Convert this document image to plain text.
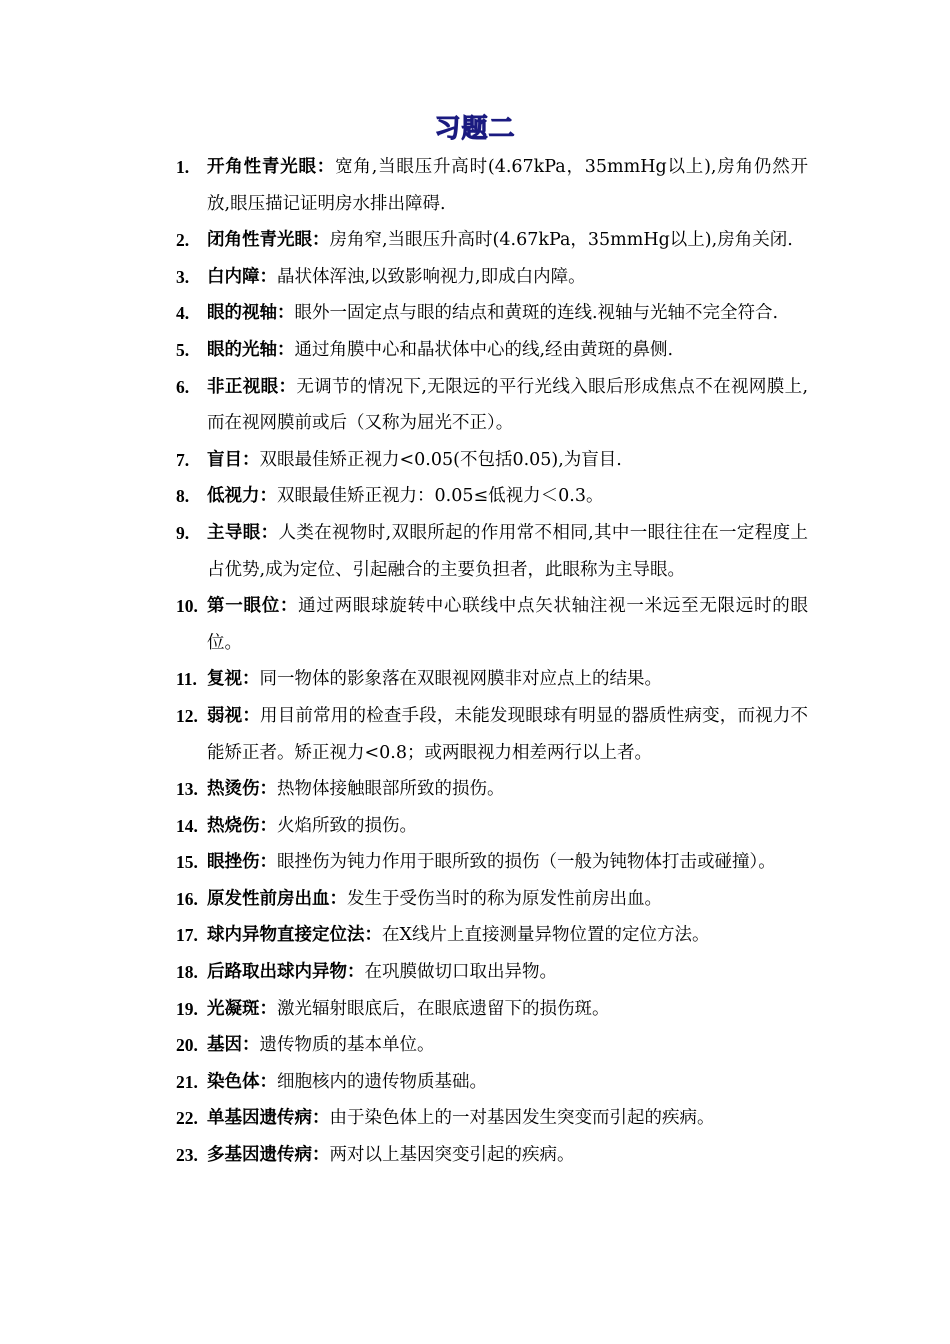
习题二
1. 开角性青光眼：宽角,当眼压升高时(4.67kPa，35mmHg以上),房角仍然开放,眼压描记证明房水排出障碍.
2. 闭角性青光眼：房角窄,当眼压升高时(4.67kPa，35mmHg以上),房角关闭.
3. 白内障：晶状体浑浊,以致影响视力,即成白内障。
4. 眼的视轴：眼外一固定点与眼的结点和黄斑的连线.视轴与光轴不完全符合.
5. 眼的光轴：通过角膜中心和晶状体中心的线,经由黄斑的鼻侧.
6. 非正视眼：无调节的情况下,无限远的平行光线入眼后形成焦点不在视网膜上,而在视网膜前或后（又称为屈光不正）。
7. 盲目：双眼最佳矫正视力<0.05(不包括0.05),为盲目.
8. 低视力：双眼最佳矫正视力：0.05≤低视力＜0.3。
9. 主导眼：人类在视物时,双眼所起的作用常不相同,其中一眼往往在一定程度上占优势,成为定位、引起融合的主要负担者，此眼称为主导眼。
10. 第一眼位：通过两眼球旋转中心联线中点矢状轴注视一米远至无限远时的眼位。
11. 复视：同一物体的影象落在双眼视网膜非对应点上的结果。
12. 弱视：用目前常用的检查手段，未能发现眼球有明显的器质性病变，而视力不能矫正者。矫正视力<0.8；或两眼视力相差两行以上者。
13. 热烫伤：热物体接触眼部所致的损伤。
14. 热烧伤：火焰所致的损伤。
15. 眼挫伤：眼挫伤为钝力作用于眼所致的损伤（一般为钝物体打击或碰撞）。
16. 原发性前房出血：发生于受伤当时的称为原发性前房出血。
17. 球内异物直接定位法：在X线片上直接测量异物位置的定位方法。
18. 后路取出球内异物：在巩膜做切口取出异物。
19. 光凝斑：激光辐射眼底后，在眼底遗留下的损伤斑。
20. 基因：遗传物质的基本单位。
21. 染色体：细胞核内的遗传物质基础。
22. 单基因遗传病：由于染色体上的一对基因发生突变而引起的疾病。
23. 多基因遗传病：两对以上基因突变引起的疾病。
